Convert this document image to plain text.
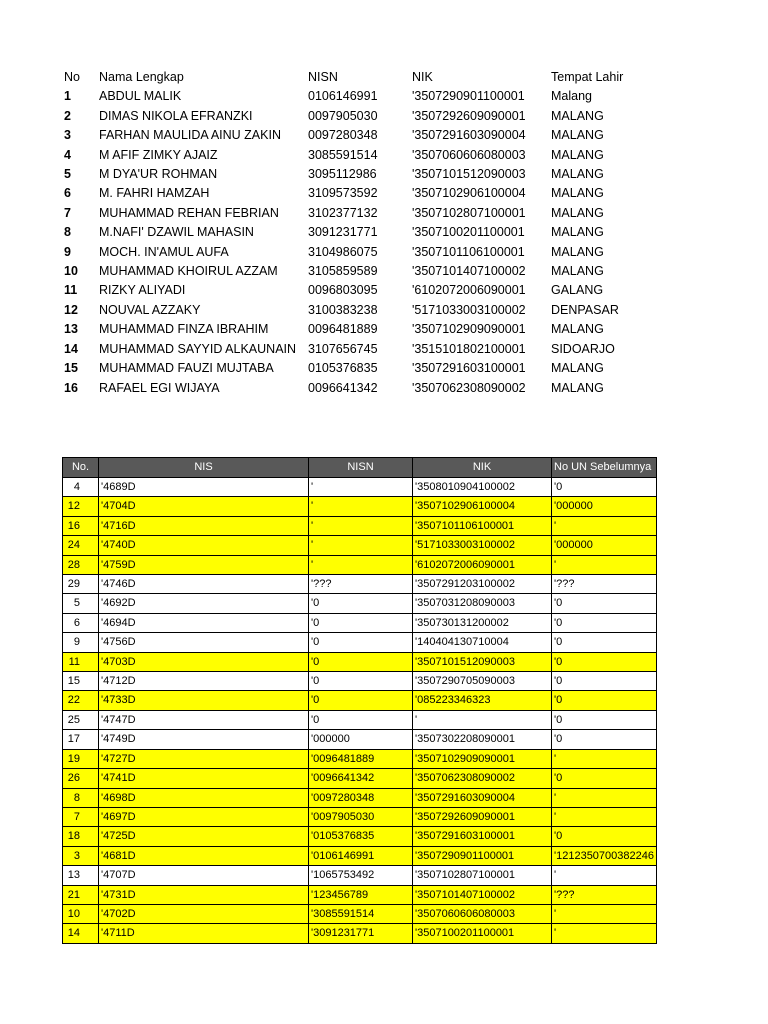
No	Nama Lengkap	NISN	NIK	Tempat Lahir
1	ABDUL MALIK	0106146991	'3507290901100001	Malang
2	DIMAS NIKOLA EFRANZKI	0097905030	'3507292609090001	MALANG
3	FARHAN MAULIDA AINU ZAKIN	0097280348	'3507291603090004	MALANG
4	M AFIF ZIMKY AJAIZ	3085591514	'3507060606080003	MALANG
5	M DYA'UR ROHMAN	3095112986	'3507101512090003	MALANG
6	M. FAHRI HAMZAH	3109573592	'3507102906100004	MALANG
7	MUHAMMAD REHAN FEBRIAN	3102377132	'3507102807100001	MALANG
8	M.NAFI' DZAWIL MAHASIN	3091231771	'3507100201100001	MALANG
9	MOCH. IN'AMUL AUFA	3104986075	'3507101106100001	MALANG
10	MUHAMMAD KHOIRUL AZZAM	3105859589	'3507101407100002	MALANG
11	RIZKY ALIYADI	0096803095	'6102072006090001	GALANG
12	NOUVAL AZZAKY	3100383238	'5171033003100002	DENPASAR
13	MUHAMMAD FINZA IBRAHIM	0096481889	'3507102909090001	MALANG
14	MUHAMMAD SAYYID ALKAUNAIN	3107656745	'3515101802100001	SIDOARJO
15	MUHAMMAD FAUZI MUJTABA	0105376835	'3507291603100001	MALANG
16	RAFAEL EGI WIJAYA	0096641342	'3507062308090002	MALANG
No.	NIS	NISN	NIK	No UN Sebelumnya
4	'4689D	'	'3508010904100002	'0
12	'4704D	'	'3507102906100004	'000000
16	'4716D	'	'3507101106100001	'
24	'4740D	'	'5171033003100002	'000000
28	'4759D	'	'6102072006090001	'
29	'4746D	'???	'3507291203100002	'???
5	'4692D	'0	'3507031208090003	'0
6	'4694D	'0	'350730131200002	'0
9	'4756D	'0	'140404130710004	'0
11	'4703D	'0	'3507101512090003	'0
15	'4712D	'0	'3507290705090003	'0
22	'4733D	'0	'085223346323	'0
25	'4747D	'0	'	'0
17	'4749D	'000000	'3507302208090001	'0
19	'4727D	'0096481889	'3507102909090001	'
26	'4741D	'0096641342	'3507062308090002	'0
8	'4698D	'0097280348	'3507291603090004	'
7	'4697D	'0097905030	'3507292609090001	'
18	'4725D	'0105376835	'3507291603100001	'0
3	'4681D	'0106146991	'3507290901100001	'1212350700382246
13	'4707D	'1065753492	'3507102807100001	'
21	'4731D	'123456789	'3507101407100002	'???
10	'4702D	'3085591514	'3507060606080003	'
14	'4711D	'3091231771	'3507100201100001	'
